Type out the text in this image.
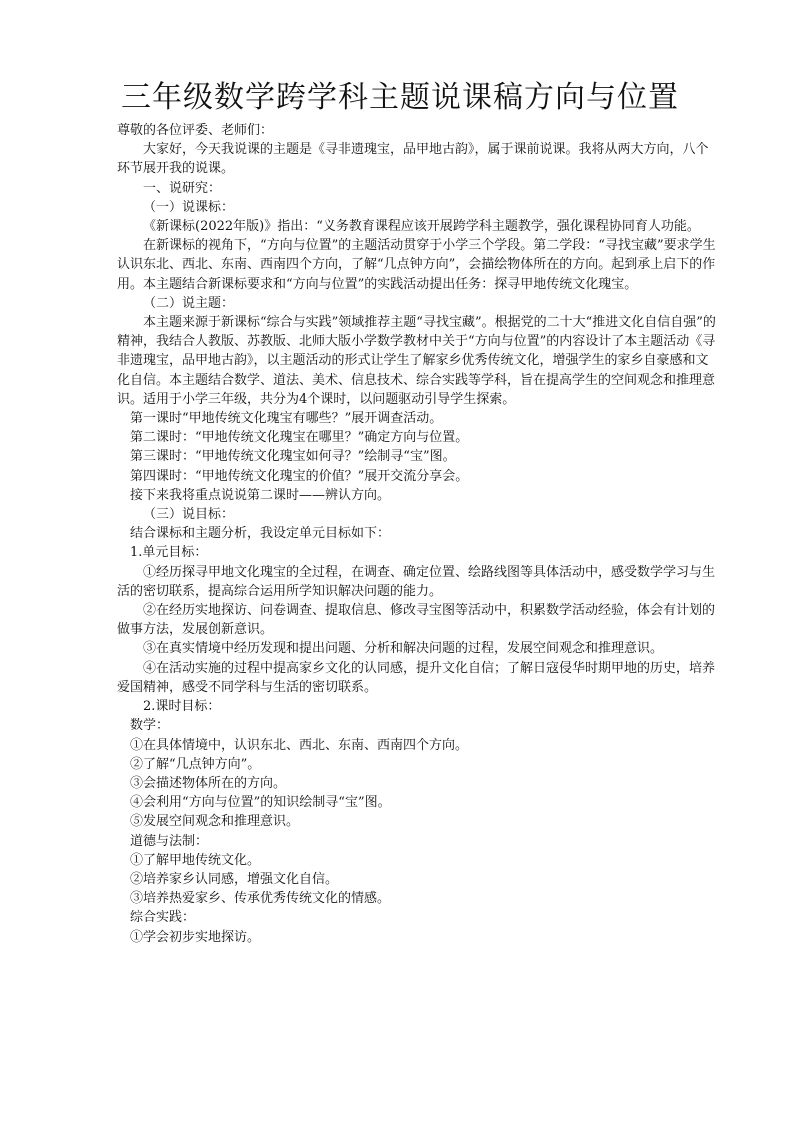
三年级数学跨学科主题说课稿方向与位置

尊敬的各位评委、老师们：

大家好，今天我说课的主题是《寻非遗瑰宝，品甲地古韵》，属于课前说课。我将从两大方向，八个环节展开我的说课。

一、说研究：

（一）说课标：

《新课标(2022年版)》指出：“义务教育课程应该开展跨学科主题教学，强化课程协同育人功能。

在新课标的视角下，“方向与位置”的主题活动贯穿于小学三个学段。第二学段：“寻找宝藏”要求学生认识东北、西北、东南、西南四个方向，了解“几点钟方向”，会描绘物体所在的方向。起到承上启下的作用。本主题结合新课标要求和“方向与位置”的实践活动提出任务：探寻甲地传统文化瑰宝。

（二）说主题：

本主题来源于新课标“综合与实践”领域推荐主题“寻找宝藏”。根据党的二十大“推进文化自信自强”的精神，我结合人教版、苏教版、北师大版小学数学教材中关于“方向与位置”的内容设计了本主题活动《寻非遗瑰宝，品甲地古韵》，以主题活动的形式让学生了解家乡优秀传统文化，增强学生的家乡自豪感和文化自信。本主题结合数学、道法、美术、信息技术、综合实践等学科，旨在提高学生的空间观念和推理意识。适用于小学三年级，共分为4个课时，以问题驱动引导学生探索。

第一课时“甲地传统文化瑰宝有哪些？”展开调查活动。

第二课时：“甲地传统文化瑰宝在哪里？”确定方向与位置。

第三课时：“甲地传统文化瑰宝如何寻？”绘制寻“宝”图。

第四课时：“甲地传统文化瑰宝的价值？”展开交流分享会。

接下来我将重点说说第二课时——辨认方向。

（三）说目标：

结合课标和主题分析，我设定单元目标如下：

1.单元目标：

①经历探寻甲地文化瑰宝的全过程，在调查、确定位置、绘路线图等具体活动中，感受数学学习与生活的密切联系，提高综合运用所学知识解决问题的能力。

②在经历实地探访、问卷调查、提取信息、修改寻宝图等活动中，积累数学活动经验，体会有计划的做事方法，发展创新意识。

③在真实情境中经历发现和提出问题、分析和解决问题的过程，发展空间观念和推理意识。

④在活动实施的过程中提高家乡文化的认同感，提升文化自信；了解日寇侵华时期甲地的历史，培养爱国精神，感受不同学科与生活的密切联系。

2.课时目标：

数学：

①在具体情境中，认识东北、西北、东南、西南四个方向。

②了解“几点钟方向”。

③会描述物体所在的方向。

④会利用“方向与位置”的知识绘制寻“宝”图。

⑤发展空间观念和推理意识。

道德与法制：

①了解甲地传统文化。

②培养家乡认同感，增强文化自信。

③培养热爱家乡、传承优秀传统文化的情感。

综合实践：

①学会初步实地探访。
